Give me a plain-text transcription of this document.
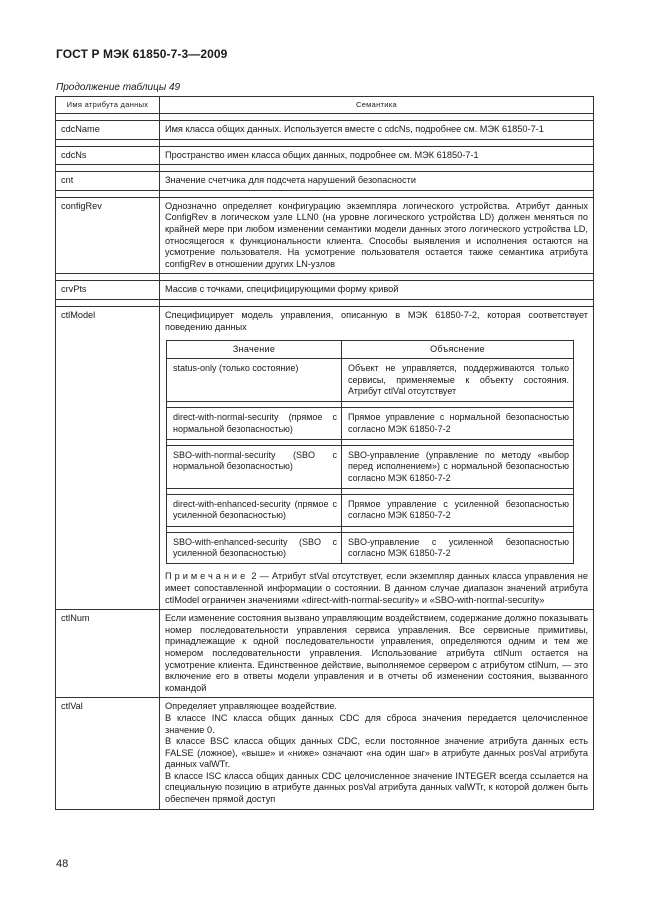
ГОСТ Р МЭК 61850-7-3—2009
Продолжение таблицы 49
Имя атрибута данных	Семантика

cdcName	Имя класса общих данных. Используется вместе с cdcNs, подробнее см. МЭК 61850-7-1

cdcNs	Пространство имен класса общих данных, подробнее см. МЭК 61850-7-1

cnt	Значение счетчика для подсчета нарушений безопасности

configRev	Однозначно определяет конфигурацию экземпляра логического устройства. Атрибут данных ConfigRev в логическом узле LLN0 (на уровне логического устройства LD) должен меняться по крайней мере при любом изменении семантики модели данных этого логического устройства LD, относящегося к функциональности клиента. Способы выявления и исполнения остаются на усмотрение пользователя. На усмотрение пользователя остается также семантика атрибута configRev в отношении других LN-узлов

crvPts	Массив с точками, специфицирующими форму кривой

ctlModel	Специфицирует модель управления, описанную в МЭК 61850-7-2, которая соответствует поведению данных
Значение	Объяснение
status-only (только состояние)	Объект не управляется, поддерживаются только сервисы, применяемые к объекту состояния. Атрибут ctlVal отсутствует

direct-with-normal-security (прямое с нормальной безопасностью)	Прямое управление с нормальной безопасностью согласно МЭК 61850-7-2

SBO-with-normal-security (SBO с нормальной безопасностью)	SBO-управление (управление по методу «выбор перед исполнением») с нормальной безопасностью согласно МЭК 61850-7-2

direct-with-enhanced-security (прямое с усиленной безопасностью)	Прямое управление с усиленной безопасностью согласно МЭК 61850-7-2

SBO-with-enhanced-security (SBO с усиленной безопасностью)	SBO-управление с усиленной безопасностью согласно МЭК 61850-7-2
Примечание 2 — Атрибут stVal отсутствует, если экземпляр данных класса управления не имеет сопоставленной информации о состоянии. В данном случае диапазон значений атрибута ctlModel ограничен значениями «direct-with-normal-security» и «SBO-with-normal-security»

ctlNum	Если изменение состояния вызвано управляющим воздействием, содержание должно показывать номер последовательности управления сервиса управления. Все сервисные примитивы, принадлежащие к одной последовательности управления, определяются одним и тем же номером последовательности управления. Использование атрибута ctlNum остается на усмотрение клиента. Единственное действие, выполняемое сервером с атрибутом ctlNum, — это включение его в ответы модели управления и в отчеты об изменении состояния, вызванного командой
ctlVal	Определяет управляющее воздействие.
В классе INC класса общих данных CDC для сброса значения передается целочисленное значение 0.
В классе BSC класса общих данных CDC, если постоянное значение атрибута данных есть FALSE (ложное), «выше» и «ниже» означают «на один шаг» в атрибуте данных posVal атрибута данных valWTr.
В классе ISC класса общих данных CDC целочисленное значение INTEGER всегда ссылается на специальную позицию в атрибуте данных posVal атрибута данных valWTr, к которой должен быть обеспечен прямой доступ
48
